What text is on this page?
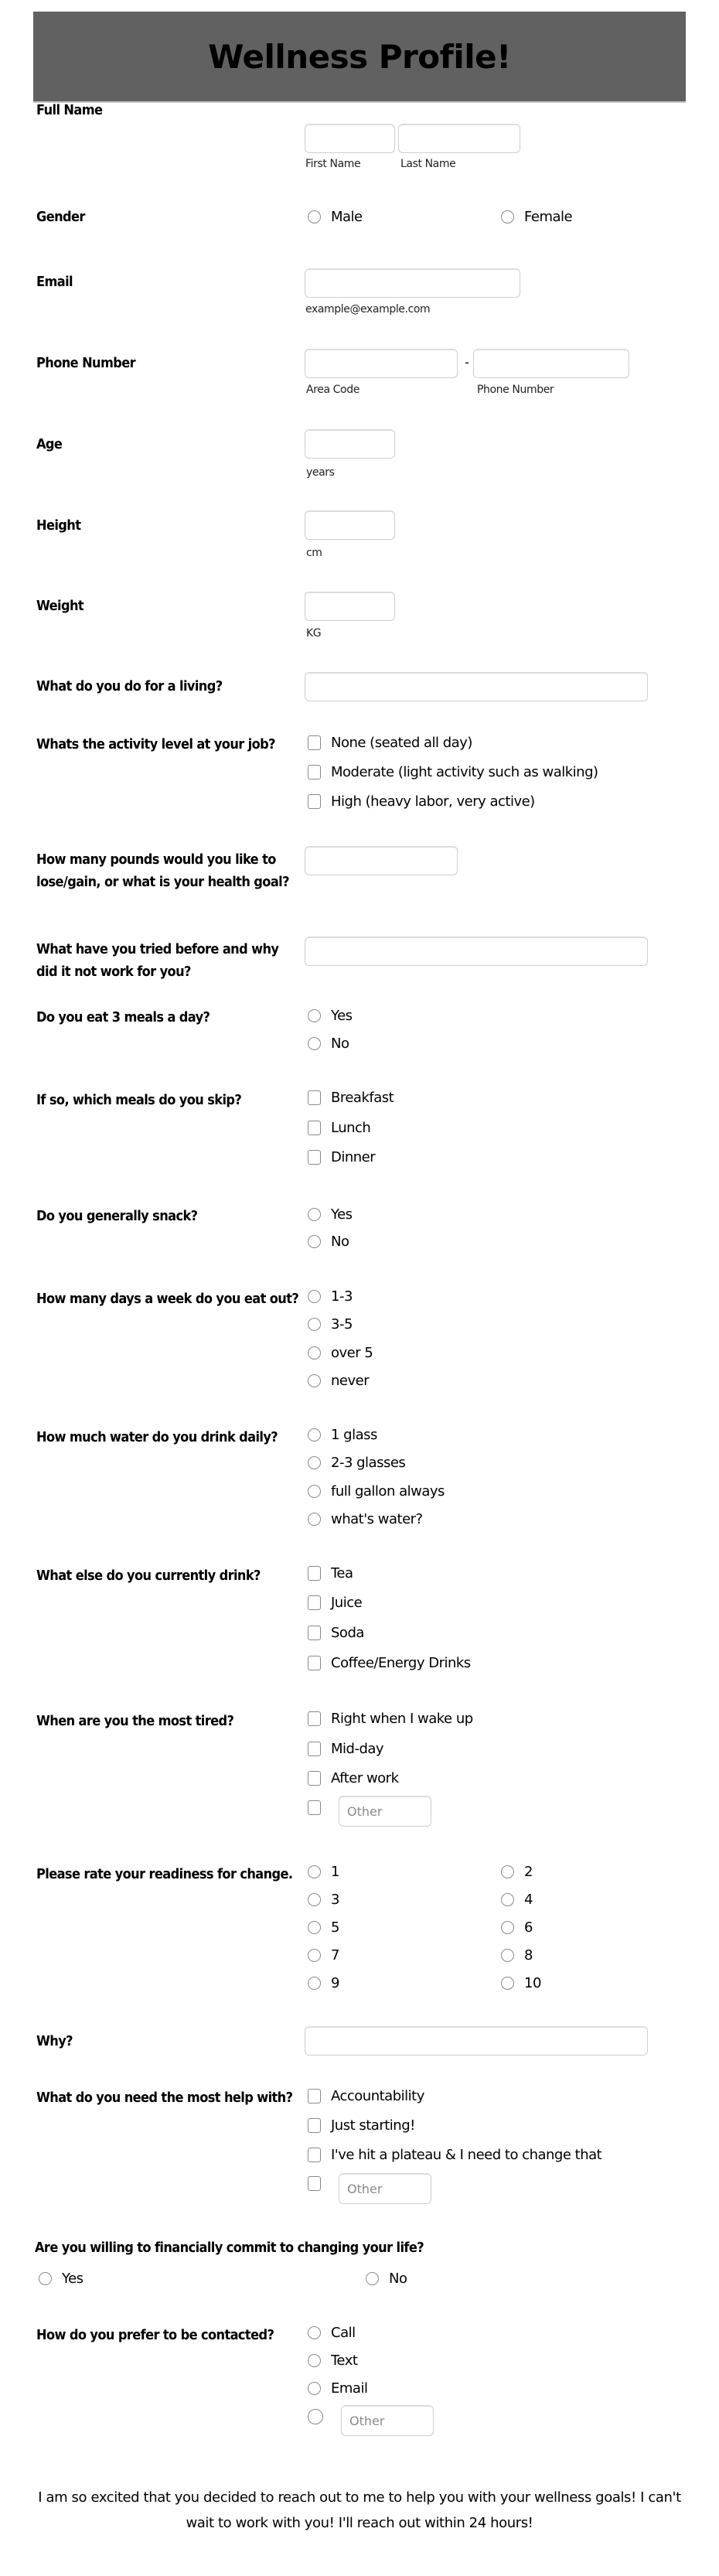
Wellness Profile!
Full Name
First Name	Last Name
Gender	Male	Female
Email
example@example.com
Phone Number	-
Area Code	Phone Number
Age
years
Height
cm
Weight
KG
What do you do for a living?
Whats the activity level at your job?	None (seated all day)
Moderate (light activity such as walking)
High (heavy labor, very active)
How many pounds would you like to lose/gain, or what is your health goal?
What have you tried before and why did it not work for you?
Do you eat 3 meals a day?	Yes
No
If so, which meals do you skip?	Breakfast
Lunch
Dinner
Do you generally snack?	Yes
No
How many days a week do you eat out? 1-3
3-5
over 5
never
How much water do you drink daily?	1 glass
2-3 glasses
full gallon always
what's water?
What else do you currently drink?	Tea
Juice
Soda
Coffee/Energy Drinks
When are you the most tired?	Right when I wake up
Mid-day
After work
Other
Please rate your readiness for change.	1	2
3	4
5	6
7	8
9	10
Why?
What do you need the most help with?	Accountability
Just starting!
I've hit a plateau & I need to change that
Other
Are you willing to financially commit to changing your life?
Yes	No
How do you prefer to be contacted?	Call
Text
Email
Other
I am so excited that you decided to reach out to me to help you with your wellness goals! I can't wait to work with you! I'll reach out within 24 hours!
